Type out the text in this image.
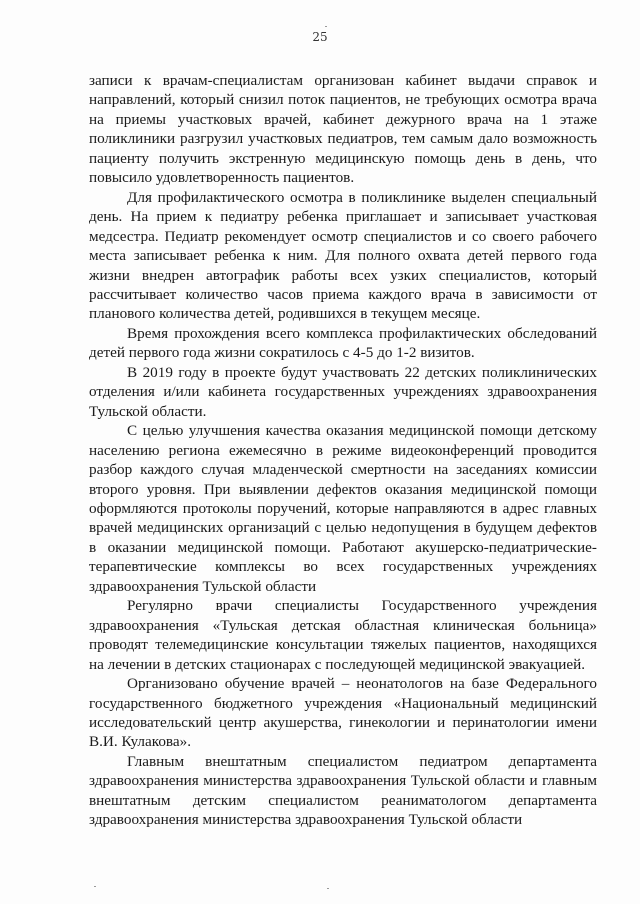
25

записи к врачам-специалистам организован кабинет выдачи справок и направлений, который снизил поток пациентов, не требующих осмотра врача на приемы участковых врачей, кабинет дежурного врача на 1 этаже поликлиники разгрузил участковых педиатров, тем самым дало возможность пациенту получить экстренную медицинскую помощь день в день, что повысило удовлетворенность пациентов.

Для профилактического осмотра в поликлинике выделен специальный день. На прием к педиатру ребенка приглашает и записывает участковая медсестра. Педиатр рекомендует осмотр специалистов и со своего рабочего места записывает ребенка к ним. Для полного охвата детей первого года жизни внедрен автографик работы всех узких специалистов, который рассчитывает количество часов приема каждого врача в зависимости от планового количества детей, родившихся в текущем месяце.

Время прохождения всего комплекса профилактических обследований детей первого года жизни сократилось с 4-5 до 1-2 визитов.

В 2019 году в проекте будут участвовать 22 детских поликлинических отделения и/или кабинета государственных учреждениях здравоохранения Тульской области.

С целью улучшения качества оказания медицинской помощи детскому населению региона ежемесячно в режиме видеоконференций проводится разбор каждого случая младенческой смертности на заседаниях комиссии второго уровня. При выявлении дефектов оказания медицинской помощи оформляются протоколы поручений, которые направляются в адрес главных врачей медицинских организаций с целью недопущения в будущем дефектов в оказании медицинской помощи. Работают акушерско-педиатрические-терапевтические комплексы во всех государственных учреждениях здравоохранения Тульской области

Регулярно врачи специалисты Государственного учреждения здравоохранения «Тульская детская областная клиническая больница» проводят телемедицинские консультации тяжелых пациентов, находящихся на лечении в детских стационарах с последующей медицинской эвакуацией.

Организовано обучение врачей – неонатологов на базе Федерального государственного бюджетного учреждения «Национальный медицинский исследовательский центр акушерства, гинекологии и перинатологии имени В.И. Кулакова».

Главным внештатным специалистом педиатром департамента здравоохранения министерства здравоохранения Тульской области и главным внештатным детским специалистом реаниматологом департамента здравоохранения министерства здравоохранения Тульской области
